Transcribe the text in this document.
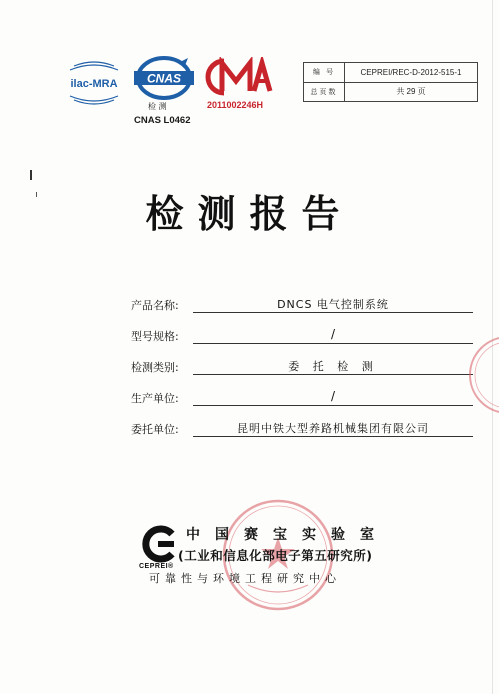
ilac-MRA CNAS
检 测
CNAS L0462
CMA
2011002246H
编 号	CEPREI/REC-D-2012-515-1
总页数	共 29 页
检测报告
产品名称:	DNCS 电气控制系统
型号规格:	/
检测类别:	委 托 检 测
生产单位:	/
委托单位:	昆明中铁大型养路机械集团有限公司
CEPREI®
中国赛宝实验室
(工业和信息化部电子第五研究所)
可靠性与环境工程研究中心
